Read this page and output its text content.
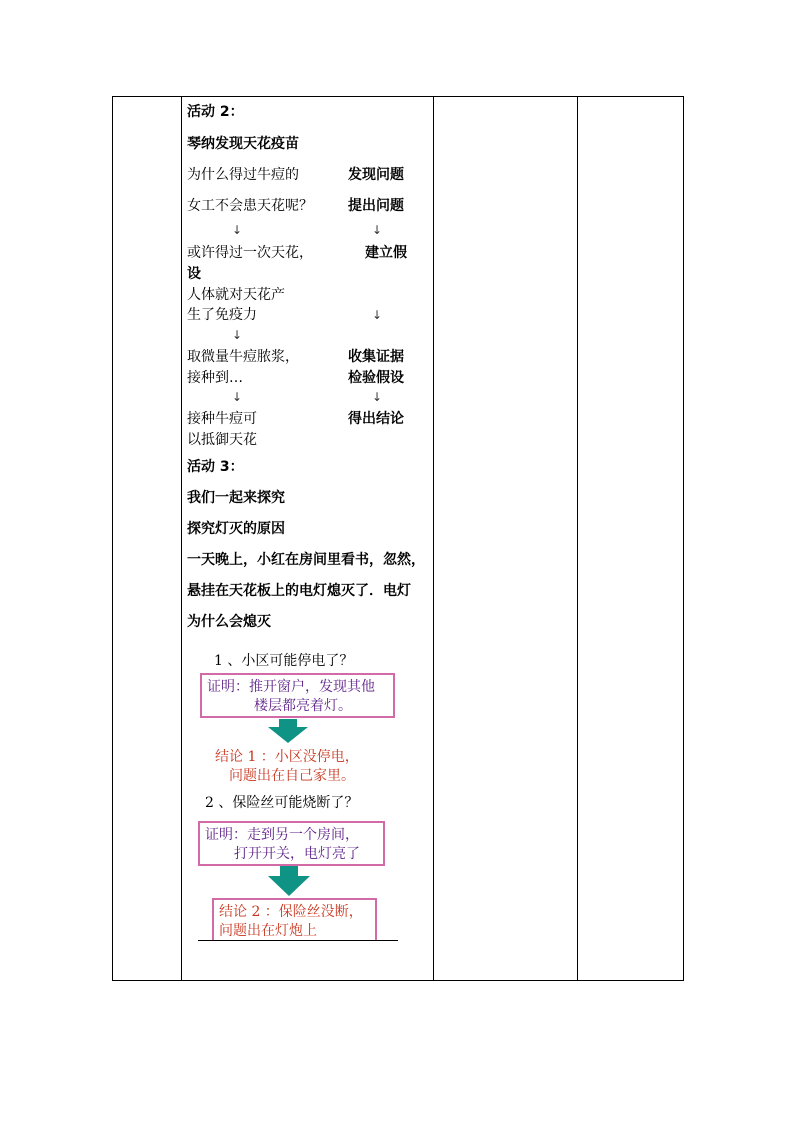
活动 2：
琴纳发现天花疫苗
为什么得过牛痘的	发现问题
女工不会患天花呢？	提出问题
↓	↓
或许得过一次天花，	建立假
设
人体就对天花产
生了免疫力	↓
↓
取微量牛痘脓浆，	收集证据
接种到…	检验假设
↓	↓
接种牛痘可	得出结论
以抵御天花
活动 3：
我们一起来探究
探究灯灭的原因
一天晚上，小红在房间里看书，忽然，
悬挂在天花板上的电灯熄灭了．电灯
为什么会熄灭
1 、小区可能停电了？
证明：推开窗户，发现其他
楼层都亮着灯。
结论 1 ：小区没停电，
问题出在自己家里。
2 、保险丝可能烧断了？
证明：走到另一个房间，
打开开关，电灯亮了
结论 2 ：保险丝没断，
问题出在灯炮上
